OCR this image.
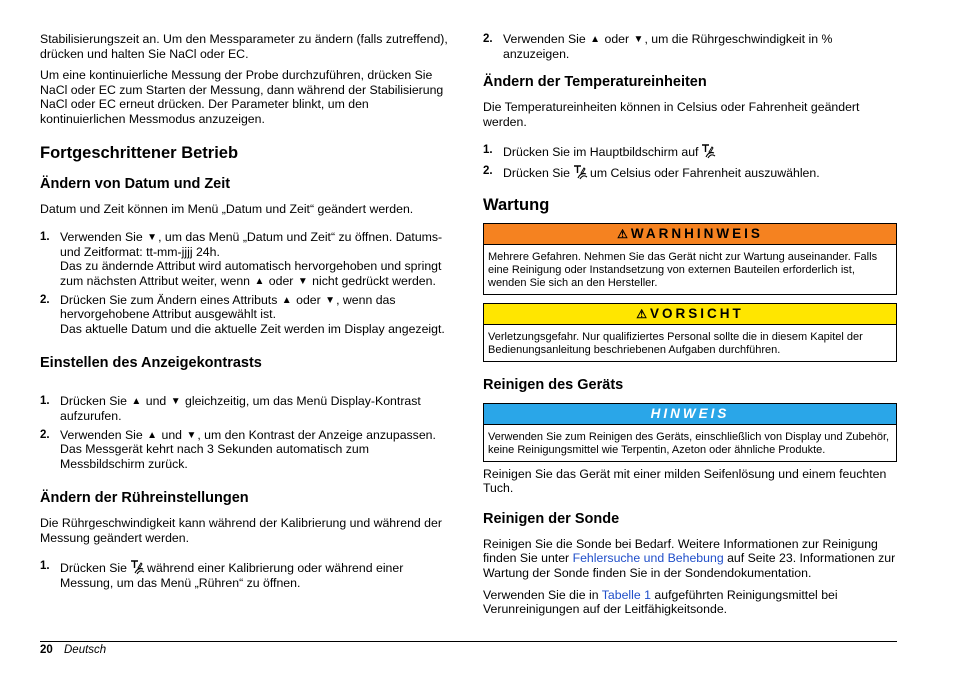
Stabilisierungszeit an. Um den Messparameter zu ändern (falls zutreffend), drücken und halten Sie NaCl oder EC.

Um eine kontinuierliche Messung der Probe durchzuführen, drücken Sie NaCl oder EC zum Starten der Messung, dann während der Stabilisierung NaCl oder EC erneut drücken. Der Parameter blinkt, um den kontinuierlichen Messmodus anzuzeigen.

Fortgeschrittener Betrieb
Ändern von Datum und Zeit

Datum und Zeit können im Menü „Datum und Zeit“ geändert werden.

1. Verwenden Sie ▼, um das Menü „Datum und Zeit“ zu öffnen. Datums- und Zeitformat: tt-mm-jjjj 24h.
Das zu ändernde Attribut wird automatisch hervorgehoben und springt zum nächsten Attribut weiter, wenn ▲ oder ▼ nicht gedrückt werden.
2. Drücken Sie zum Ändern eines Attributs ▲ oder ▼, wenn das hervorgehobene Attribut ausgewählt ist.
Das aktuelle Datum und die aktuelle Zeit werden im Display angezeigt.
Einstellen des Anzeigekontrasts
1. Drücken Sie ▲ und ▼ gleichzeitig, um das Menü Display-Kontrast aufzurufen.
2. Verwenden Sie ▲ und ▼, um den Kontrast der Anzeige anzupassen.
Das Messgerät kehrt nach 3 Sekunden automatisch zum Messbildschirm zurück.
Ändern der Rühreinstellungen

Die Rührgeschwindigkeit kann während der Kalibrierung und während der Messung geändert werden.

1. Drücken Sie während einer Kalibrierung oder während einer Messung, um das Menü „Rühren“ zu öffnen.
2. Verwenden Sie ▲ oder ▼, um die Rührgeschwindigkeit in % anzuzeigen.
Ändern der Temperatureinheiten

Die Temperatureinheiten können in Celsius oder Fahrenheit geändert werden.

1. Drücken Sie im Hauptbildschirm auf
2. Drücken Sie um Celsius oder Fahrenheit auszuwählen.
Wartung
⚠ WARNHINWEIS
Mehrere Gefahren. Nehmen Sie das Gerät nicht zur Wartung auseinander. Falls eine Reinigung oder Instandsetzung von externen Bauteilen erforderlich ist, wenden Sie sich an den Hersteller.
⚠ VORSICHT
Verletzungsgefahr. Nur qualifiziertes Personal sollte die in diesem Kapitel der Bedienungsanleitung beschriebenen Aufgaben durchführen.
Reinigen des Geräts
HINWEIS
Verwenden Sie zum Reinigen des Geräts, einschließlich von Display und Zubehör, keine Reinigungsmittel wie Terpentin, Azeton oder ähnliche Produkte.

Reinigen Sie das Gerät mit einer milden Seifenlösung und einem feuchten Tuch.

Reinigen der Sonde

Reinigen Sie die Sonde bei Bedarf. Weitere Informationen zur Reinigung finden Sie unter Fehlersuche und Behebung auf Seite 23. Informationen zur Wartung der Sonde finden Sie in der Sondendokumentation.

Verwenden Sie die in Tabelle 1 aufgeführten Reinigungsmittel bei Verunreinigungen auf der Leitfähigkeitsonde.

20 Deutsch
